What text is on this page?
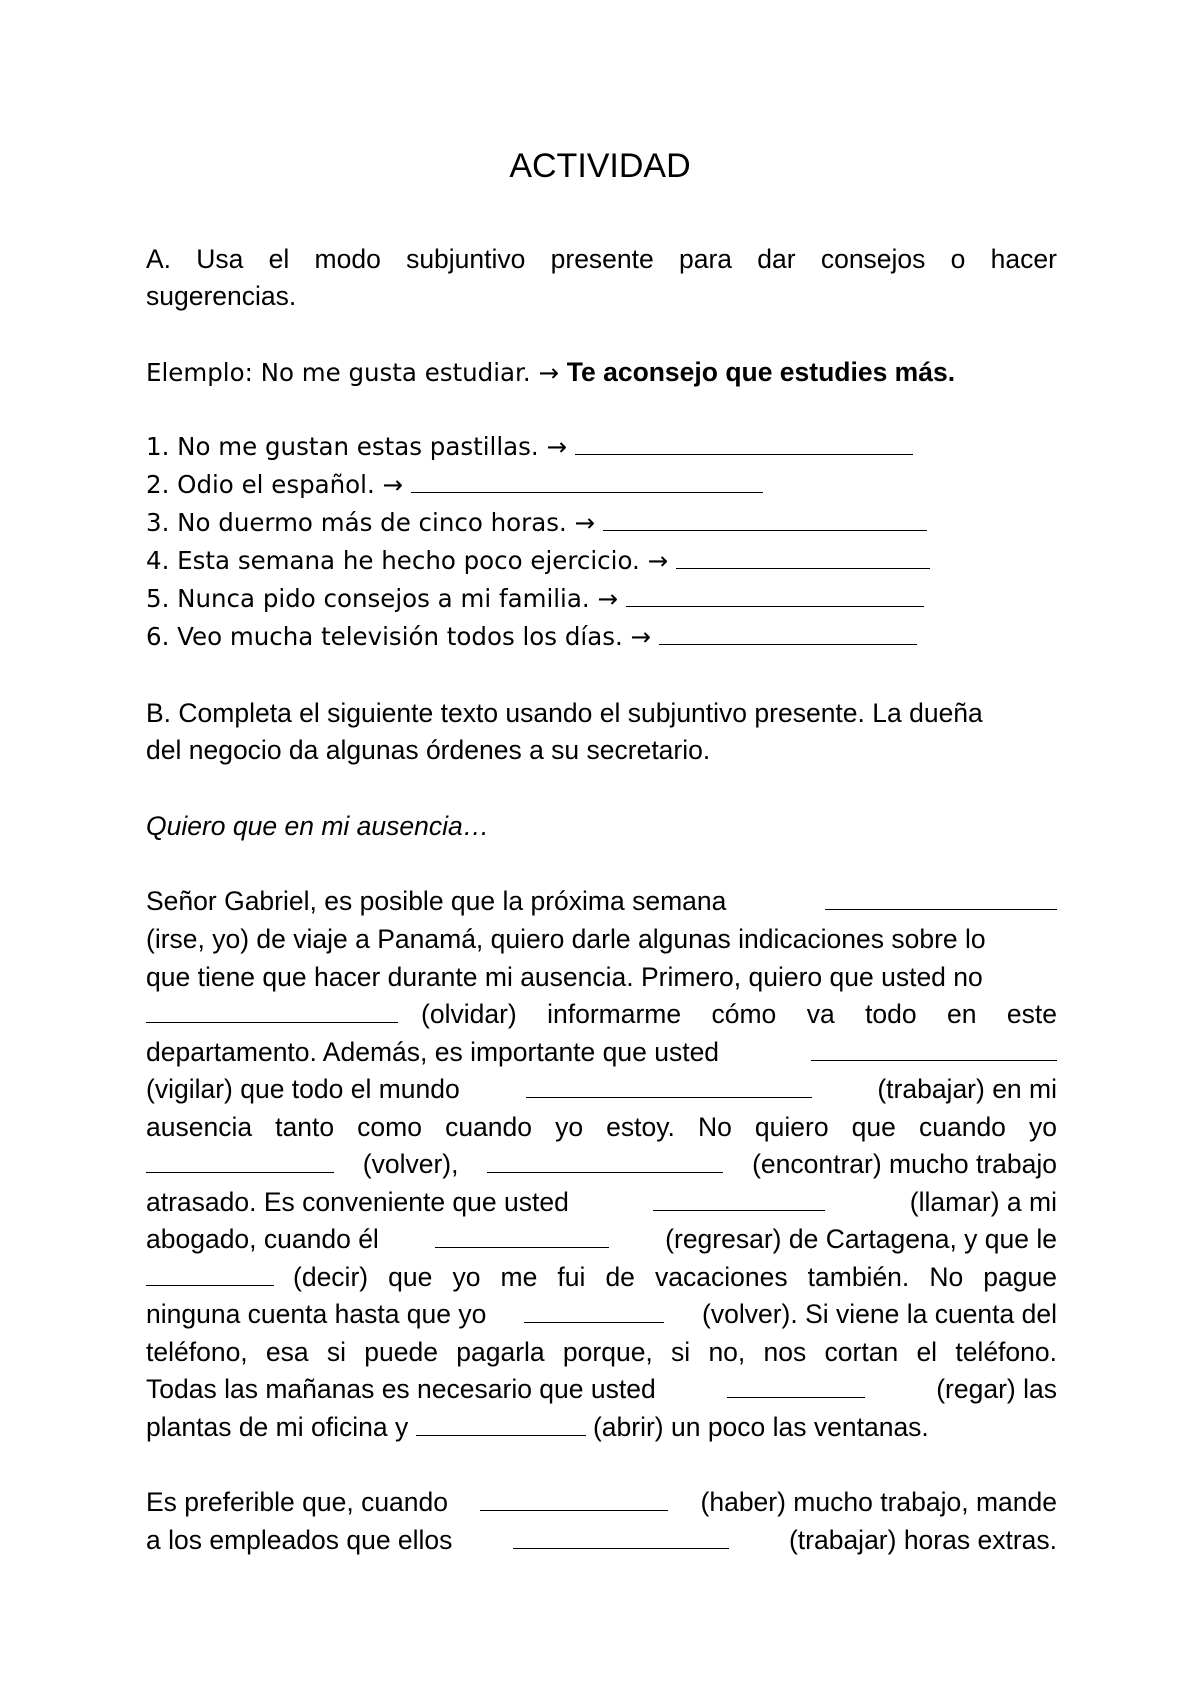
ACTIVIDAD
A. Usa el modo subjuntivo presente para dar consejos o hacer
sugerencias.
Elemplo: No me gusta estudiar. → Te aconsejo que estudies más.
1. No me gustan estas pastillas. →
2. Odio el español. →
3. No duermo más de cinco horas. →
4. Esta semana he hecho poco ejercicio. →
5. Nunca pido consejos a mi familia. →
6. Veo mucha televisión todos los días. →
B. Completa el siguiente texto usando el subjuntivo presente. La dueña
del negocio da algunas órdenes a su secretario.
Quiero que en mi ausencia…
Señor Gabriel, es posible que la próxima semana
(irse, yo) de viaje a Panamá, quiero darle algunas indicaciones sobre lo
que tiene que hacer durante mi ausencia. Primero, quiero que usted no
(olvidar) informarme cómo va todo en este
departamento. Además, es importante que usted
(vigilar) que todo el mundo	(trabajar) en mi
ausencia tanto como cuando yo estoy. No quiero que cuando yo
(volver),	(encontrar) mucho trabajo
atrasado. Es conveniente que usted	(llamar) a mi
abogado, cuando él	(regresar) de Cartagena, y que le
(decir) que yo me fui de vacaciones también. No pague
ninguna cuenta hasta que yo	(volver). Si viene la cuenta del
teléfono, esa si puede pagarla porque, si no, nos cortan el teléfono.
Todas las mañanas es necesario que usted	(regar) las
plantas de mi oficina y	(abrir) un poco las ventanas.
Es preferible que, cuando	(haber) mucho trabajo, mande
a los empleados que ellos	(trabajar) horas extras.
